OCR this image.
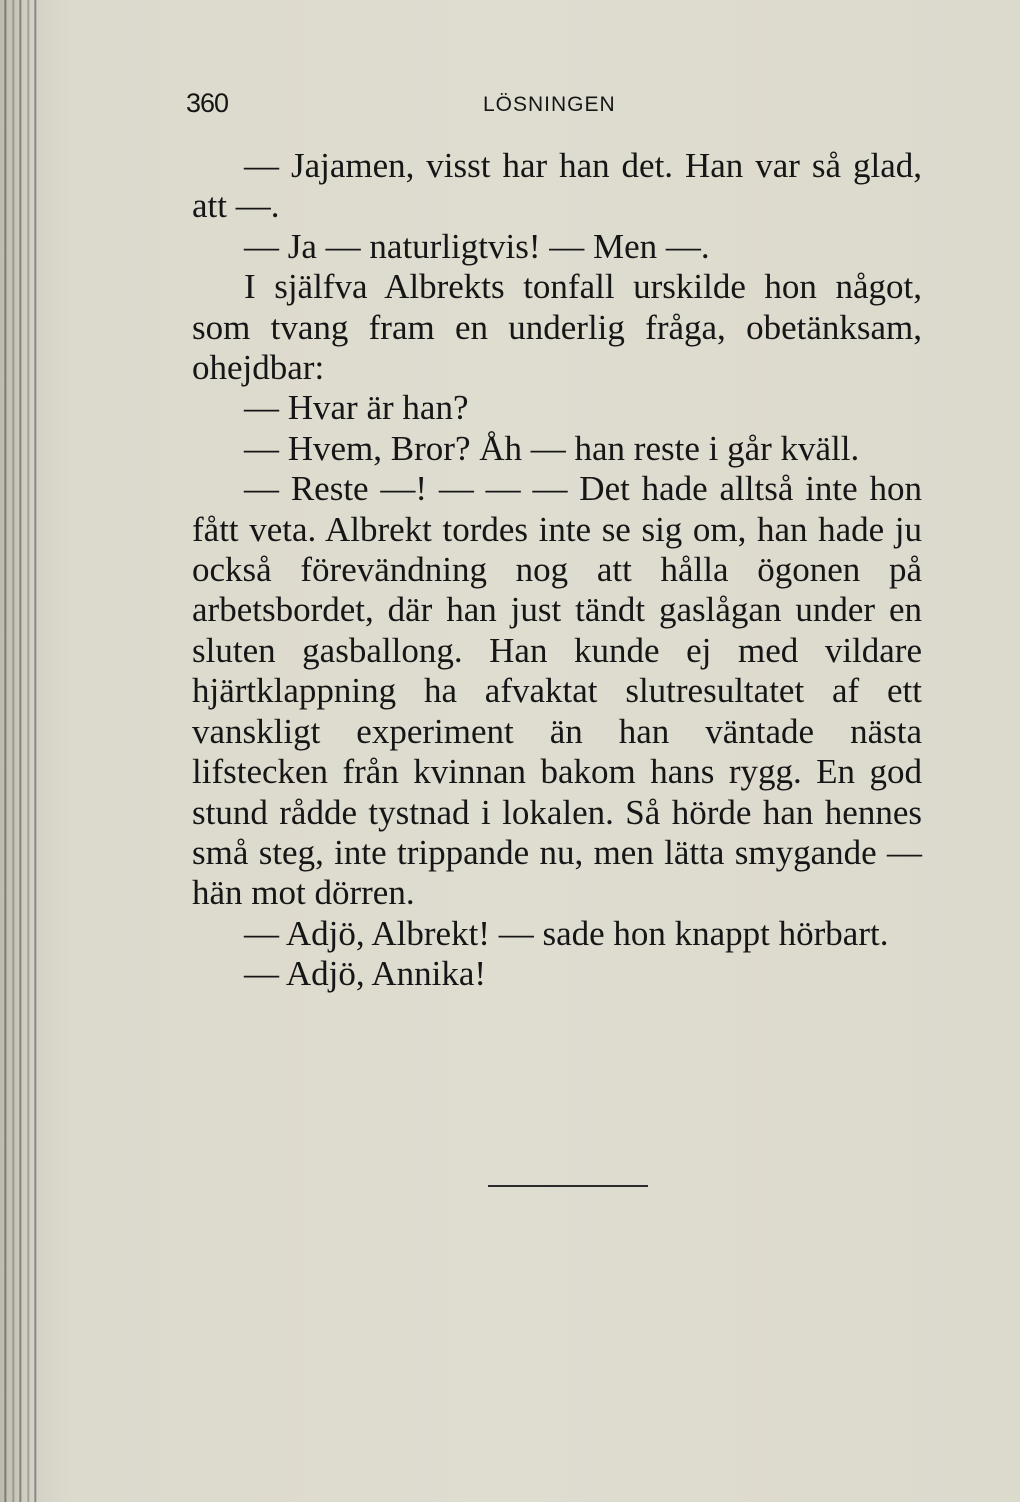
360	LÖSNINGEN

— Jajamen, visst har han det. Han var så glad, att —.

— Ja — naturligtvis! — Men —.

I själfva Albrekts tonfall urskilde hon något, som tvang fram en underlig fråga, obetänksam, ohejdbar:

— Hvar är han?

— Hvem, Bror? Åh — han reste i går kväll.

— Reste —! — — — Det hade alltså inte hon fått veta. Albrekt tordes inte se sig om, han hade ju också förevändning nog att hålla ögonen på arbetsbordet, där han just tändt gaslågan under en sluten gasballong. Han kunde ej med vildare hjärtklappning ha afvaktat slutresultatet af ett vanskligt experiment än han väntade nästa lifstecken från kvinnan bakom hans rygg. En god stund rådde tystnad i lokalen. Så hörde han hennes små steg, inte trippande nu, men lätta smygande — hän mot dörren.

— Adjö, Albrekt! — sade hon knappt hörbart.

— Adjö, Annika!
